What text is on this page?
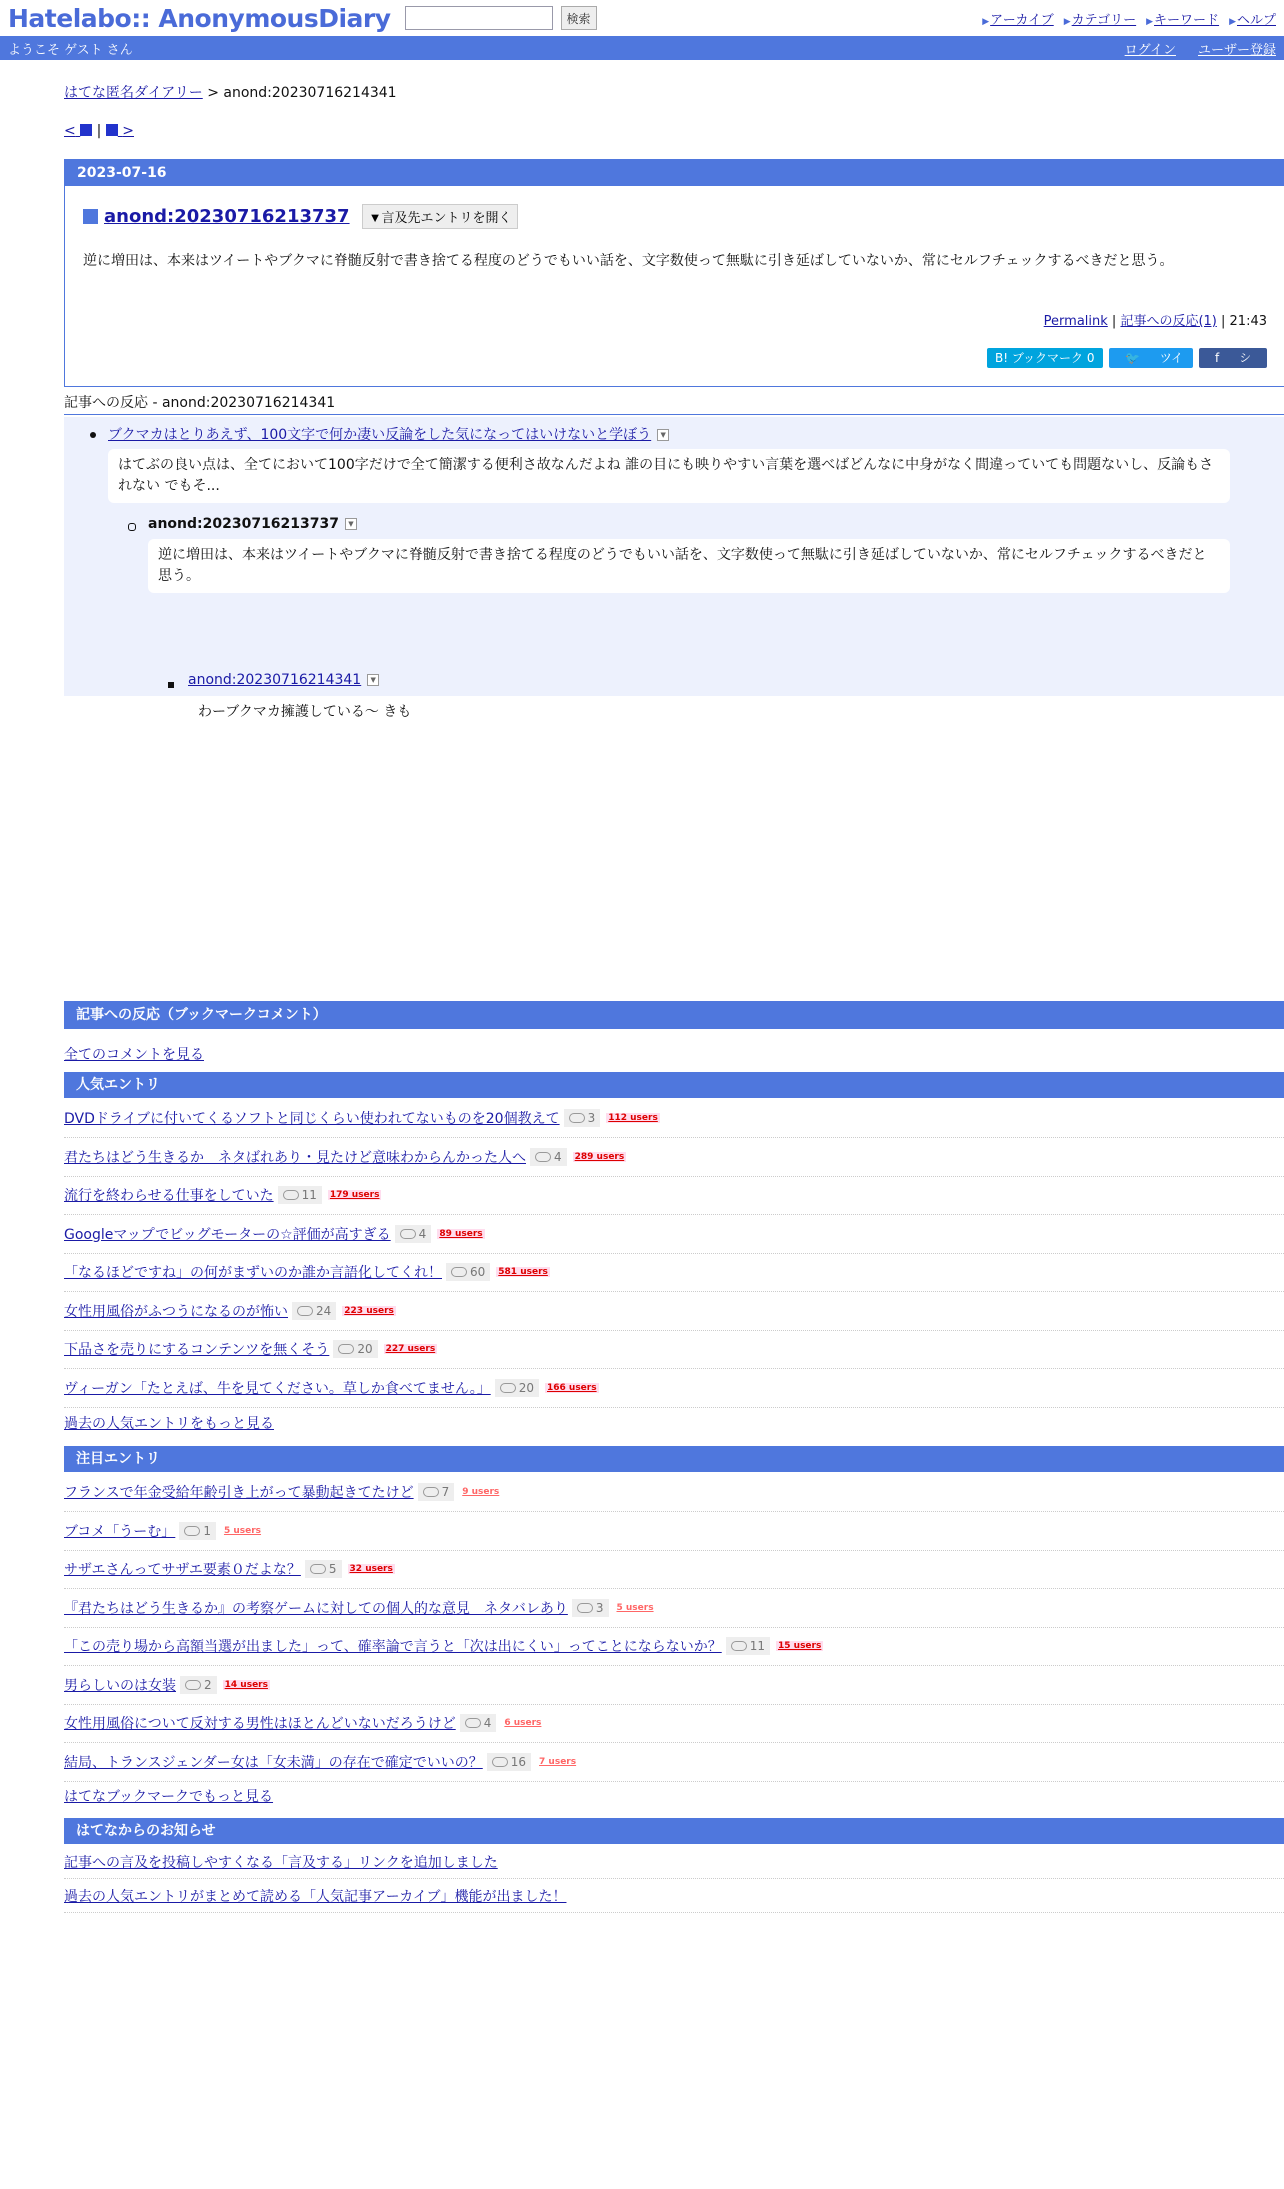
Hatelabo:: AnonymousDiary	検索	▶アーカイブ ▶カテゴリー ▶キーワード ▶ヘルプ
ようこそ ゲスト さん	ログイン ユーザー登録
はてな匿名ダイアリー > anond:20230716214341
< | >
2023-07-16
anond:20230716213737	▼言及先エントリを開く
逆に増田は、本来はツイートやブクマに脊髄反射で書き捨てる程度のどうでもいい話を、文字数使って無駄に引き延ばしていないか、常にセルフチェックするべきだと思う。
Permalink | 記事への反応(1) | 21:43
B! ブックマーク 0	🐦 ツイート
f シェア
記事への反応 - anond:20230716214341
ブクマカはとりあえず、100文字で何か凄い反論をした気になってはいけないと学ぼう ▼
はてぶの良い点は、全てにおいて100字だけで全て簡潔する便利さ故なんだよね 誰の目にも映りやすい言葉を選べばどんなに中身がなく間違っていても問題ないし、反論もされない でもそ...
anond:20230716213737 ▼
逆に増田は、本来はツイートやブクマに脊髄反射で書き捨てる程度のどうでもいい話を、文字数使って無駄に引き延ばしていないか、常にセルフチェックするべきだと思う。
anond:20230716214341 ▼
わーブクマカ擁護している〜 きも
記事への反応（ブックマークコメント）
全てのコメントを見る
人気エントリ
DVDドライブに付いてくるソフトと同じくらい使われてないものを20個教えて 3 112 users
君たちはどう生きるか　ネタばれあり・見たけど意味わからんかった人へ 4 289 users
流行を終わらせる仕事をしていた 11 179 users
Googleマップでビッグモーターの☆評価が高すぎる 4 89 users
「なるほどですね」の何がまずいのか誰か言語化してくれ！ 60 581 users
女性用風俗がふつうになるのが怖い 24 223 users
下品さを売りにするコンテンツを無くそう 20 227 users
ヴィーガン「たとえば、牛を見てください。草しか食べてません。」 20 166 users
過去の人気エントリをもっと見る
注目エントリ
フランスで年金受給年齢引き上がって暴動起きてたけど 7 9 users
ブコメ「うーむ」 1 5 users
サザエさんってサザエ要素０だよな？ 5 32 users
『君たちはどう生きるか』の考察ゲームに対しての個人的な意見　ネタバレあり 3 5 users
「この売り場から高額当選が出ました」って、確率論で言うと「次は出にくい」ってことにならないか？ 11 15 users
男らしいのは女装 2 14 users
女性用風俗について反対する男性はほとんどいないだろうけど 4 6 users
結局、トランスジェンダー女は「女未満」の存在で確定でいいの？ 16 7 users
はてなブックマークでもっと見る
はてなからのお知らせ
記事への言及を投稿しやすくなる「言及する」リンクを追加しました
過去の人気エントリがまとめて読める「人気記事アーカイブ」機能が出ました！
